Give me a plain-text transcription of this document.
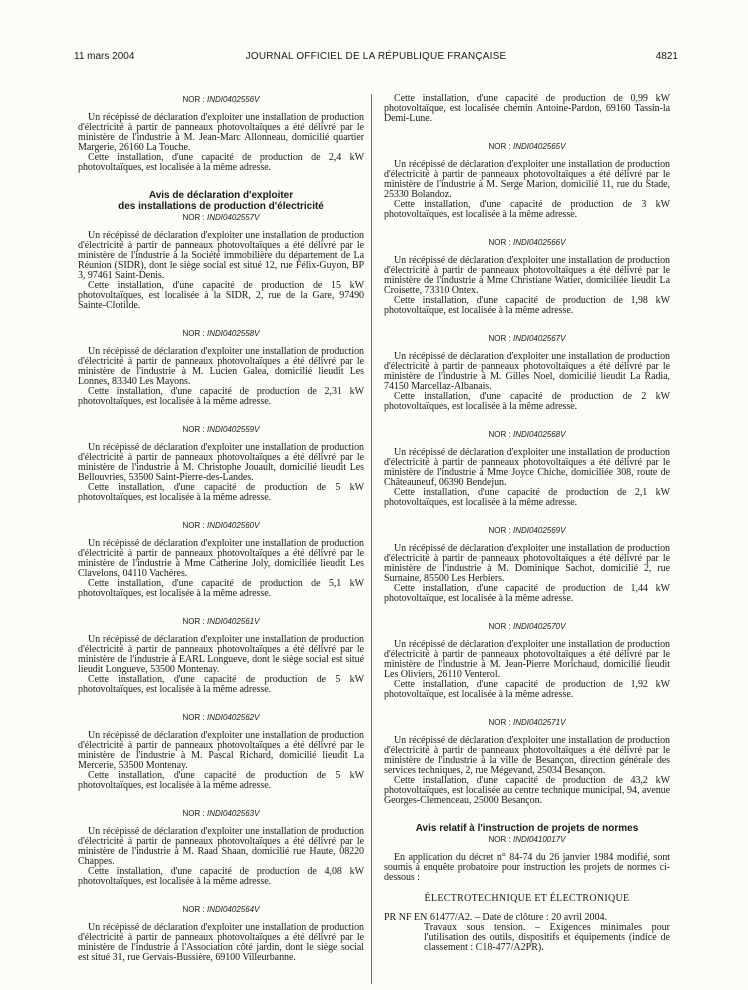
11 mars 2004	JOURNAL OFFICIEL DE LA RÉPUBLIQUE FRANÇAISE	4821
NOR : INDI0402556V

Un récépissé de déclaration d'exploiter une installation de production d'électricité à partir de panneaux photovoltaïques a été délivré par le ministère de l'industrie à M. Jean-Marc Allonneau, domicilié quartier Margerie, 26160 La Touche.

Cette installation, d'une capacité de production de 2,4 kW photovoltaïques, est localisée à la même adresse.

Avis de déclaration d'exploiter
des installations de production d'électricité
NOR : INDI0402557V

Un récépissé de déclaration d'exploiter une installation de production d'électricité à partir de panneaux photovoltaïques a été délivré par le ministère de l'industrie à la Société immobilière du département de La Réunion (SIDR), dont le siège social est situé 12, rue Félix-Guyon, BP 3, 97461 Saint-Denis.

Cette installation, d'une capacité de production de 15 kW photovoltaïques, est localisée à la SIDR, 2, rue de la Gare, 97490 Sainte-Clotilde.

NOR : INDI0402558V

Un récépissé de déclaration d'exploiter une installation de production d'électricité à partir de panneaux photovoltaïques a été délivré par le ministère de l'industrie à M. Lucien Galea, domicilié lieudit Les Lonnes, 83340 Les Mayons.

Cette installation, d'une capacité de production de 2,31 kW photovoltaïques, est localisée à la même adresse.

NOR : INDI0402559V

Un récépissé de déclaration d'exploiter une installation de production d'électricité à partir de panneaux photovoltaïques a été délivré par le ministère de l'industrie à M. Christophe Jouault, domicilié lieudit Les Bellouvries, 53500 Saint-Pierre-des-Landes.

Cette installation, d'une capacité de production de 5 kW photovoltaïques, est localisée à la même adresse.

NOR : INDI0402560V

Un récépissé de déclaration d'exploiter une installation de production d'électricité à partir de panneaux photovoltaïques a été délivré par le ministère de l'industrie à Mme Catherine Joly, domiciliée lieudit Les Clavelons, 04110 Vachères.

Cette installation, d'une capacité de production de 5,1 kW photovoltaïques, est localisée à la même adresse.

NOR : INDI0402561V

Un récépissé de déclaration d'exploiter une installation de production d'électricité à partir de panneaux photovoltaïques a été délivré par le ministère de l'industrie à EARL Longueve, dont le siège social est situé lieudit Longueve, 53500 Montenay.

Cette installation, d'une capacité de production de 5 kW photovoltaïques, est localisée à la même adresse.

NOR : INDI0402562V

Un récépissé de déclaration d'exploiter une installation de production d'électricité à partir de panneaux photovoltaïques a été délivré par le ministère de l'industrie à M. Pascal Richard, domicilié lieudit La Mercerie, 53500 Montenay.

Cette installation, d'une capacité de production de 5 kW photovoltaïques, est localisée à la même adresse.

NOR : INDI0402563V

Un récépissé de déclaration d'exploiter une installation de production d'électricité à partir de panneaux photovoltaïques a été délivré par le ministère de l'industrie à M. Raad Shaan, domicilié rue Haute, 08220 Chappes.

Cette installation, d'une capacité de production de 4,08 kW photovoltaïques, est localisée à la même adresse.

NOR : INDI0402564V

Un récépissé de déclaration d'exploiter une installation de production d'électricité à partir de panneaux photovoltaïques a été délivré par le ministère de l'industrie à l'Association côté jardin, dont le siège social est situé 31, rue Gervais-Bussière, 69100 Villeurbanne.

Cette installation, d'une capacité de production de 0,99 kW photovoltaïque, est localisée chemin Antoine-Pardon, 69160 Tassin-la Demi-Lune.

NOR : INDI0402565V

Un récépissé de déclaration d'exploiter une installation de production d'électricité à partir de panneaux photovoltaïques a été délivré par le ministère de l'industrie à M. Serge Marion, domicilié 11, rue du Stade, 25330 Bolandoz.

Cette installation, d'une capacité de production de 3 kW photovoltaïques, est localisée à la même adresse.

NOR : INDI0402566V

Un récépissé de déclaration d'exploiter une installation de production d'électricité à partir de panneaux photovoltaïques a été délivré par le ministère de l'industrie à Mme Christiane Watier, domiciliée lieudit La Croisette, 73310 Ontex.

Cette installation, d'une capacité de production de 1,98 kW photovoltaïque, est localisée à la même adresse.

NOR : INDI0402567V

Un récépissé de déclaration d'exploiter une installation de production d'électricité à partir de panneaux photovoltaïques a été délivré par le ministère de l'industrie à M. Gilles Noel, domicilié lieudit La Radia, 74150 Marcellaz-Albanais.

Cette installation, d'une capacité de production de 2 kW photovoltaïques, est localisée à la même adresse.

NOR : INDI0402568V

Un récépissé de déclaration d'exploiter une installation de production d'électricité à partir de panneaux photovoltaïques a été délivré par le ministère de l'industrie à Mme Joyce Chiche, domiciliée 308, route de Châteauneuf, 06390 Bendejun.

Cette installation, d'une capacité de production de 2,1 kW photovoltaïques, est localisée à la même adresse.

NOR : INDI0402569V

Un récépissé de déclaration d'exploiter une installation de production d'électricité à partir de panneaux photovoltaïques a été délivré par le ministère de l'industrie à M. Dominique Sachot, domicilié 2, rue Surnaine, 85500 Les Herbiers.

Cette installation, d'une capacité de production de 1,44 kW photovoltaïque, est localisée à la même adresse.

NOR : INDI0402570V

Un récépissé de déclaration d'exploiter une installation de production d'électricité à partir de panneaux photovoltaïques a été délivré par le ministère de l'industrie à M. Jean-Pierre Morichaud, domicilié lieudit Les Oliviers, 26110 Venterol.

Cette installation, d'une capacité de production de 1,92 kW photovoltaïque, est localisée à la même adresse.

NOR : INDI0402571V

Un récépissé de déclaration d'exploiter une installation de production d'électricité à partir de panneaux photovoltaïques a été délivré par le ministère de l'industrie à la ville de Besançon, direction générale des services techniques, 2, rue Mégevand, 25034 Besançon.

Cette installation, d'une capacité de production de 43,2 kW photovoltaïques, est localisée au centre technique municipal, 94, avenue Georges-Clemenceau, 25000 Besançon.

Avis relatif à l'instruction de projets de normes
NOR : INDI0410017V

En application du décret n° 84-74 du 26 janvier 1984 modifié, sont soumis à enquête probatoire pour instruction les projets de normes ci-dessous :

ÉLECTROTECHNIQUE ET ÉLECTRONIQUE
PR NF EN 61477/A2. – Date de clôture : 20 avril 2004.
Travaux sous tension. – Exigences minimales pour l'utilisation des outils, dispositifs et équipements (indice de classement : C18-477/A2PR).
